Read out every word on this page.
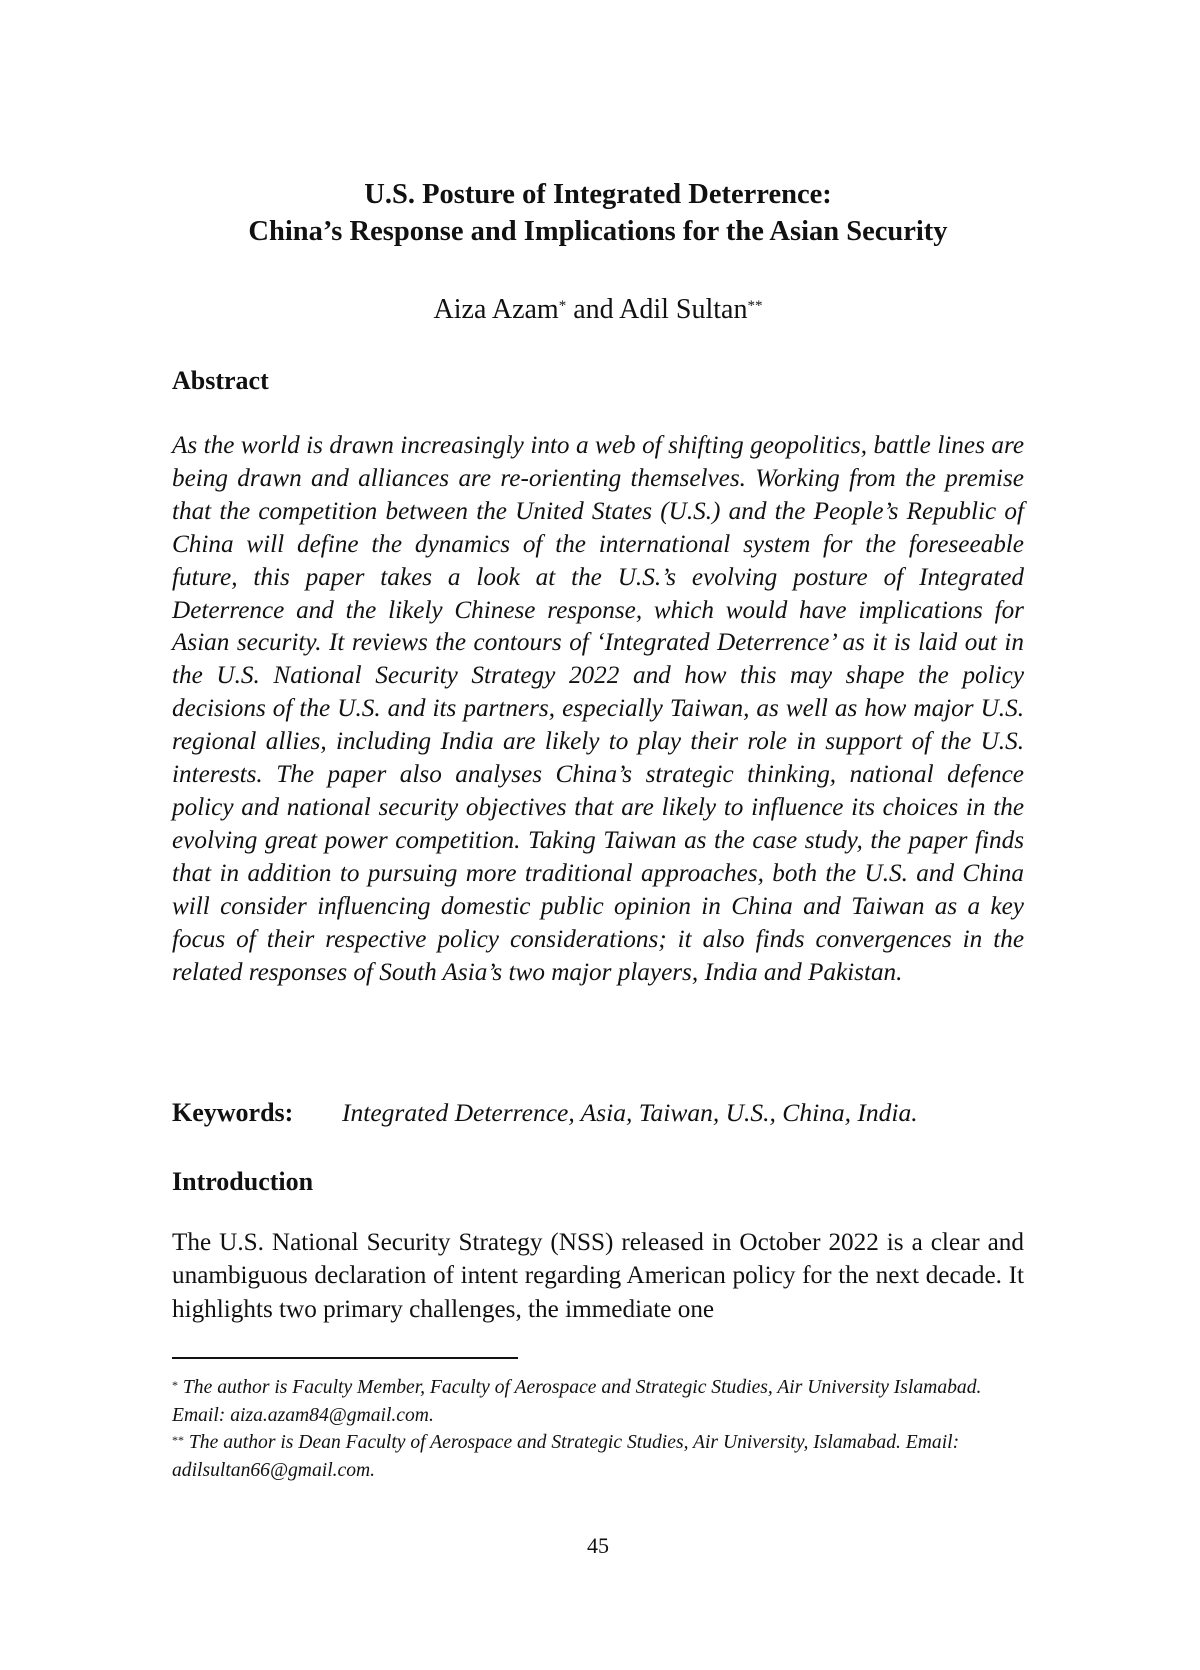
U.S. Posture of Integrated Deterrence:
China’s Response and Implications for the Asian Security
Aiza Azam* and Adil Sultan**
Abstract
As the world is drawn increasingly into a web of shifting geopolitics, battle lines are being drawn and alliances are re-orienting themselves. Working from the premise that the competition between the United States (U.S.) and the People’s Republic of China will define the dynamics of the international system for the foreseeable future, this paper takes a look at the U.S.’s evolving posture of Integrated Deterrence and the likely Chinese response, which would have implications for Asian security. It reviews the contours of ‘Integrated Deterrence’ as it is laid out in the U.S. National Security Strategy 2022 and how this may shape the policy decisions of the U.S. and its partners, especially Taiwan, as well as how major U.S. regional allies, including India are likely to play their role in support of the U.S. interests. The paper also analyses China’s strategic thinking, national defence policy and national security objectives that are likely to influence its choices in the evolving great power competition. Taking Taiwan as the case study, the paper finds that in addition to pursuing more traditional approaches, both the U.S. and China will consider influencing domestic public opinion in China and Taiwan as a key focus of their respective policy considerations; it also finds convergences in the related responses of South Asia’s two major players, India and Pakistan.
Keywords: Integrated Deterrence, Asia, Taiwan, U.S., China, India.
Introduction
The U.S. National Security Strategy (NSS) released in October 2022 is a clear and unambiguous declaration of intent regarding American policy for the next decade. It highlights two primary challenges, the immediate one
* The author is Faculty Member, Faculty of Aerospace and Strategic Studies, Air University Islamabad. Email: aiza.azam84@gmail.com.
** The author is Dean Faculty of Aerospace and Strategic Studies, Air University, Islamabad. Email: adilsultan66@gmail.com.
45
